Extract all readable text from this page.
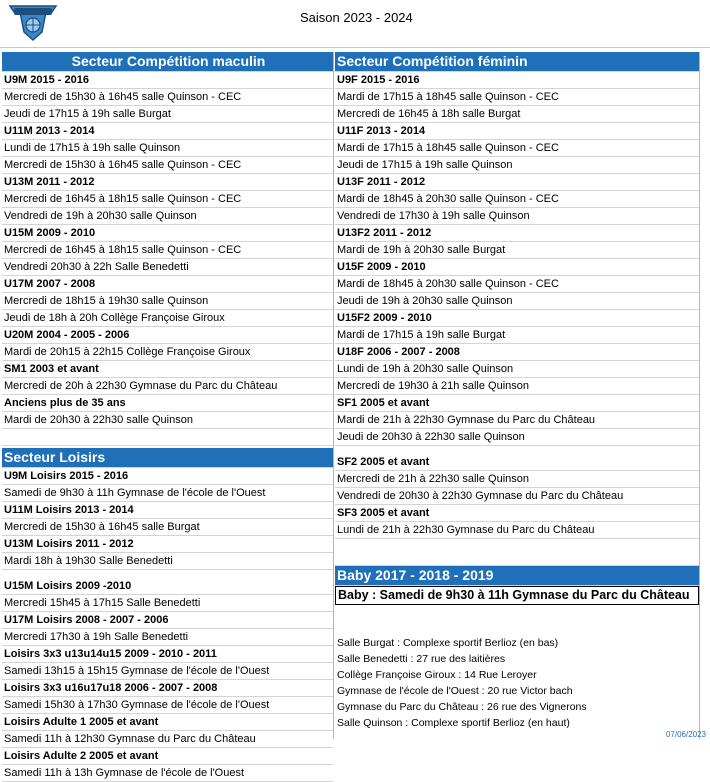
Saison 2023 - 2024
Secteur Compétition maculin
U9M 2015 - 2016
Mercredi de 15h30 à 16h45 salle Quinson - CEC
Jeudi de 17h15 à 19h salle Burgat
U11M 2013 - 2014
Lundi de 17h15 à 19h salle Quinson
Mercredi de 15h30 à 16h45 salle Quinson - CEC
U13M 2011 - 2012
Mercredi de 16h45 à 18h15 salle Quinson - CEC
Vendredi de 19h à 20h30 salle Quinson
U15M 2009 - 2010
Mercredi de 16h45 à 18h15 salle Quinson - CEC
Vendredi 20h30 à 22h Salle Benedetti
U17M 2007 - 2008
Mercredi de 18h15 à 19h30 salle Quinson
Jeudi de 18h à 20h Collège Françoise Giroux
U20M 2004 - 2005 - 2006
Mardi de 20h15 à 22h15 Collège Françoise Giroux
SM1 2003 et avant
Mercredi de 20h à 22h30 Gymnase du Parc du Château
Anciens plus de 35 ans
Mardi de 20h30 à 22h30 salle Quinson
Secteur Loisirs
U9M Loisirs 2015 - 2016
Samedi de 9h30 à 11h Gymnase de l'école de l'Ouest
U11M Loisirs 2013 - 2014
Mercredi de 15h30 à 16h45 salle Burgat
U13M Loisirs 2011 - 2012
Mardi 18h à 19h30 Salle Benedetti
U15M Loisirs 2009 -2010
Mercredi 15h45 à 17h15 Salle Benedetti
U17M Loisirs 2008 - 2007 - 2006
Mercredi 17h30 à 19h Salle Benedetti
Loisirs 3x3 u13u14u15 2009 - 2010 - 2011
Samedi 13h15 à 15h15 Gymnase de l'école de l'Ouest
Loisirs 3x3 u16u17u18 2006 - 2007 - 2008
Samedi 15h30 à 17h30 Gymnase de l'école de l'Ouest
Loisirs Adulte 1 2005 et avant
Samedi 11h à 12h30 Gymnase du Parc du Château
Loisirs Adulte 2 2005 et avant
Samedi 11h à 13h Gymnase de l'école de l'Ouest
Secteur Compétition féminin
U9F 2015 - 2016
Mardi de 17h15 à 18h45 salle Quinson - CEC
Mercredi de 16h45 à 18h salle Burgat
U11F 2013 - 2014
Mardi de 17h15 à 18h45 salle Quinson - CEC
Jeudi de 17h15 à 19h salle Quinson
U13F 2011 - 2012
Mardi de 18h45 à 20h30 salle Quinson - CEC
Vendredi de 17h30 à 19h salle Quinson
U13F2 2011 - 2012
Mardi de 19h à 20h30 salle Burgat
U15F 2009 - 2010
Mardi de 18h45 à 20h30 salle Quinson - CEC
Jeudi de 19h à 20h30 salle Quinson
U15F2 2009 - 2010
Mardi de 17h15 à 19h salle Burgat
U18F 2006 - 2007 - 2008
Lundi de 19h à 20h30 salle Quinson
Mercredi de 19h30 à 21h salle Quinson
SF1 2005 et avant
Mardi de 21h à 22h30 Gymnase du Parc du Château
Jeudi de 20h30 à 22h30 salle Quinson
SF2 2005 et avant
Mercredi de 21h à 22h30 salle Quinson
Vendredi de 20h30 à 22h30 Gymnase du Parc du Château
SF3 2005 et avant
Lundi de 21h à 22h30 Gymnase du Parc du Château
Baby 2017 - 2018 - 2019
Baby : Samedi de 9h30 à 11h Gymnase du Parc du Château
Salle Burgat : Complexe sportif Berlioz (en bas)
Salle Benedetti : 27 rue des laitières
Collège Françoise Giroux : 14 Rue Leroyer
Gymnase de l'école de l'Ouest : 20 rue Victor bach
Gymnase du Parc du Château : 26 rue des Vignerons
Salle Quinson : Complexe sportif Berlioz (en haut)
07/06/2023
